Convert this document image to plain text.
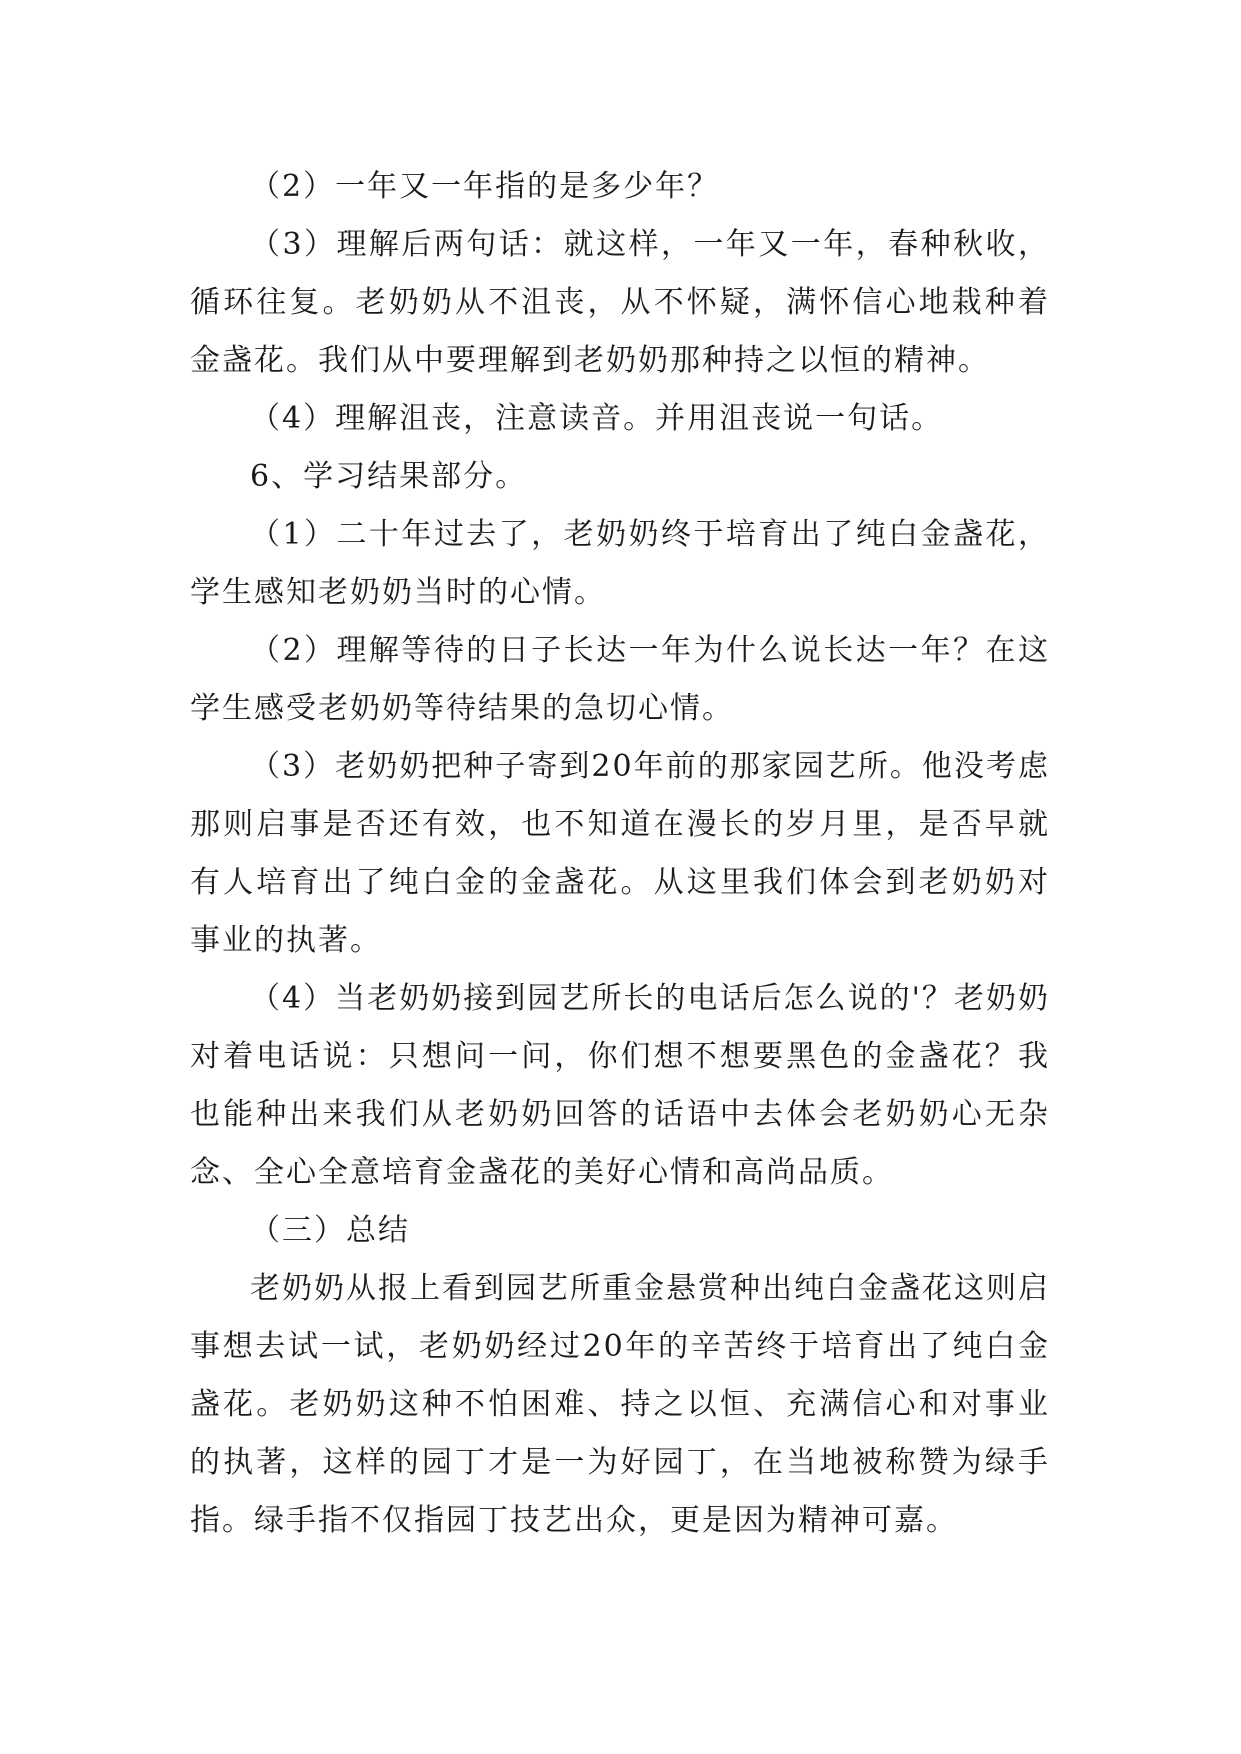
（2）一年又一年指的是多少年？

（3）理解后两句话：就这样，一年又一年，春种秋收，循环往复。老奶奶从不沮丧，从不怀疑，满怀信心地栽种着金盏花。我们从中要理解到老奶奶那种持之以恒的精神。

（4）理解沮丧，注意读音。并用沮丧说一句话。

6、学习结果部分。

（1）二十年过去了，老奶奶终于培育出了纯白金盏花，学生感知老奶奶当时的心情。

（2）理解等待的日子长达一年为什么说长达一年？在这学生感受老奶奶等待结果的急切心情。

（3）老奶奶把种子寄到20年前的那家园艺所。他没考虑那则启事是否还有效，也不知道在漫长的岁月里，是否早就有人培育出了纯白金的金盏花。从这里我们体会到老奶奶对事业的执著。

（4）当老奶奶接到园艺所长的电话后怎么说的'？老奶奶对着电话说：只想问一问，你们想不想要黑色的金盏花？我也能种出来我们从老奶奶回答的话语中去体会老奶奶心无杂念、全心全意培育金盏花的美好心情和高尚品质。

（三）总结

老奶奶从报上看到园艺所重金悬赏种出纯白金盏花这则启事想去试一试，老奶奶经过20年的辛苦终于培育出了纯白金盏花。老奶奶这种不怕困难、持之以恒、充满信心和对事业的执著，这样的园丁才是一为好园丁，在当地被称赞为绿手指。绿手指不仅指园丁技艺出众，更是因为精神可嘉。
